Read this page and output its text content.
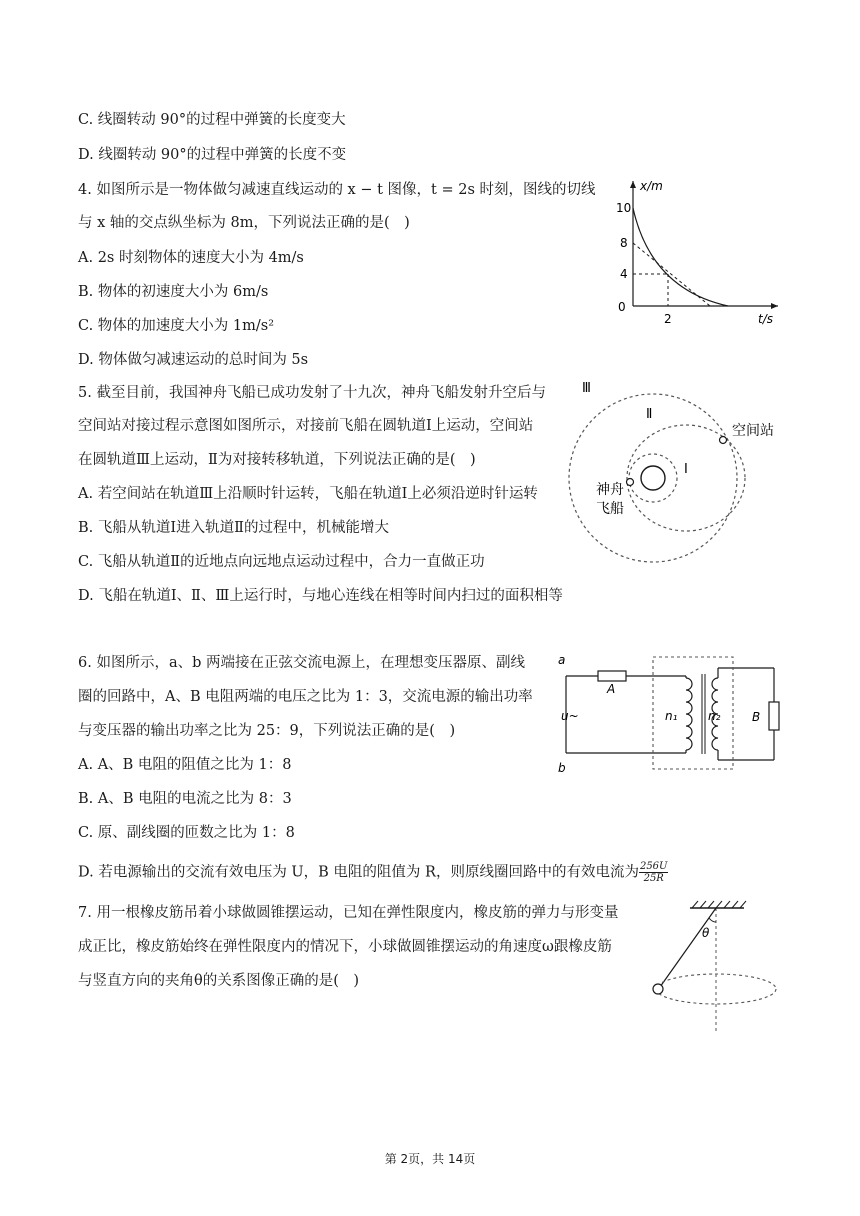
C. 线圈转动 90°的过程中弹簧的长度变大
D. 线圈转动 90°的过程中弹簧的长度不变
4. 如图所示是一物体做匀减速直线运动的 x − t 图像，t = 2s 时刻，图线的切线
与 x 轴的交点纵坐标为 8m，下列说法正确的是(　)
A. 2s 时刻物体的速度大小为 4m/s
B. 物体的初速度大小为 6m/s
C. 物体的加速度大小为 1m/s²
D. 物体做匀减速运动的总时间为 5s
x/m
t/s
0
10
8
4
2
5. 截至目前，我国神舟飞船已成功发射了十九次，神舟飞船发射升空后与
空间站对接过程示意图如图所示，对接前飞船在圆轨道Ⅰ上运动，空间站
在圆轨道Ⅲ上运动，Ⅱ为对接转移轨道，下列说法正确的是(　)
A. 若空间站在轨道Ⅲ上沿顺时针运转，飞船在轨道Ⅰ上必须沿逆时针运转
B. 飞船从轨道Ⅰ进入轨道Ⅱ的过程中，机械能增大
C. 飞船从轨道Ⅱ的近地点向远地点运动过程中，合力一直做正功
D. 飞船在轨道Ⅰ、Ⅱ、Ⅲ上运行时，与地心连线在相等时间内扫过的面积相等
Ⅲ
Ⅱ
Ⅰ
空间站
神舟
飞船
6. 如图所示，a、b 两端接在正弦交流电源上，在理想变压器原、副线
圈的回路中，A、B 电阻两端的电压之比为 1：3，交流电源的输出功率
与变压器的输出功率之比为 25：9，下列说法正确的是(　)
A. A、B 电阻的阻值之比为 1：8
B. A、B 电阻的电流之比为 8：3
C. 原、副线圈的匝数之比为 1：8
D. 若电源输出的交流有效电压为 U，B 电阻的阻值为 R，则原线圈回路中的有效电流为 $\frac{256U}{25R}$
a
b
u~
A
B
n₁	n₂
7. 用一根橡皮筋吊着小球做圆锥摆运动，已知在弹性限度内，橡皮筋的弹力与形变量
成正比，橡皮筋始终在弹性限度内的情况下，小球做圆锥摆运动的角速度ω跟橡皮筋
与竖直方向的夹角θ的关系图像正确的是(　)
θ
第 2页，共 14页
